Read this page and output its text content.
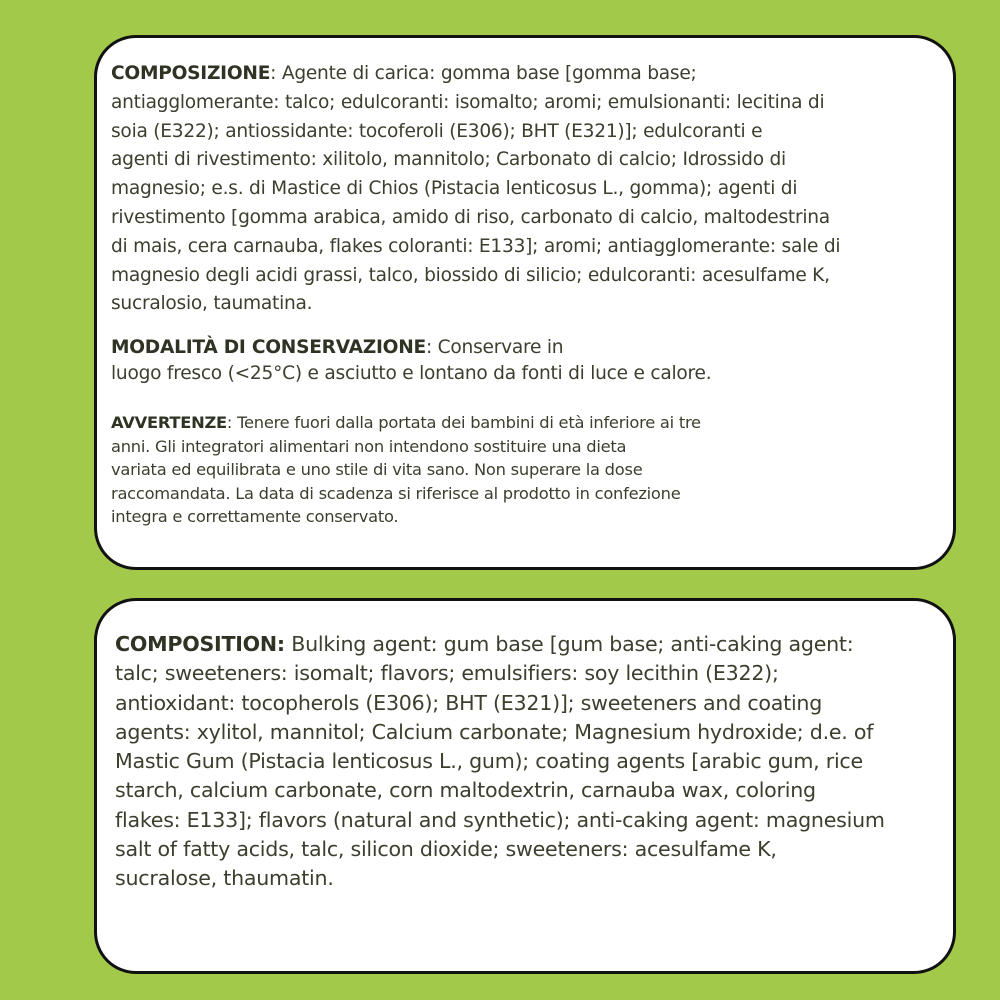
COMPOSIZIONE: Agente di carica: gomma base [gomma base;
antiagglomerante: talco; edulcoranti: isomalto; aromi; emulsionanti: lecitina di
soia (E322); antiossidante: tocoferoli (E306); BHT (E321)]; edulcoranti e
agenti di rivestimento: xilitolo, mannitolo; Carbonato di calcio; Idrossido di
magnesio; e.s. di Mastice di Chios (Pistacia lenticosus L., gomma); agenti di
rivestimento [gomma arabica, amido di riso, carbonato di calcio, maltodestrina
di mais, cera carnauba, flakes coloranti: E133]; aromi; antiagglomerante: sale di
magnesio degli acidi grassi, talco, biossido di silicio; edulcoranti: acesulfame K,
sucralosio, taumatina.

MODALITÀ DI CONSERVAZIONE: Conservare in
luogo fresco (<25°C) e asciutto e lontano da fonti di luce e calore.

AVVERTENZE: Tenere fuori dalla portata dei bambini di età inferiore ai tre
anni. Gli integratori alimentari non intendono sostituire una dieta
variata ed equilibrata e uno stile di vita sano. Non superare la dose
raccomandata. La data di scadenza si riferisce al prodotto in confezione
integra e correttamente conservato.

COMPOSITION: Bulking agent: gum base [gum base; anti-caking agent:
talc; sweeteners: isomalt; flavors; emulsifiers: soy lecithin (E322);
antioxidant: tocopherols (E306); BHT (E321)]; sweeteners and coating
agents: xylitol, mannitol; Calcium carbonate; Magnesium hydroxide; d.e. of
Mastic Gum (Pistacia lenticosus L., gum); coating agents [arabic gum, rice
starch, calcium carbonate, corn maltodextrin, carnauba wax, coloring
flakes: E133]; flavors (natural and synthetic); anti-caking agent: magnesium
salt of fatty acids, talc, silicon dioxide; sweeteners: acesulfame K,
sucralose, thaumatin.
